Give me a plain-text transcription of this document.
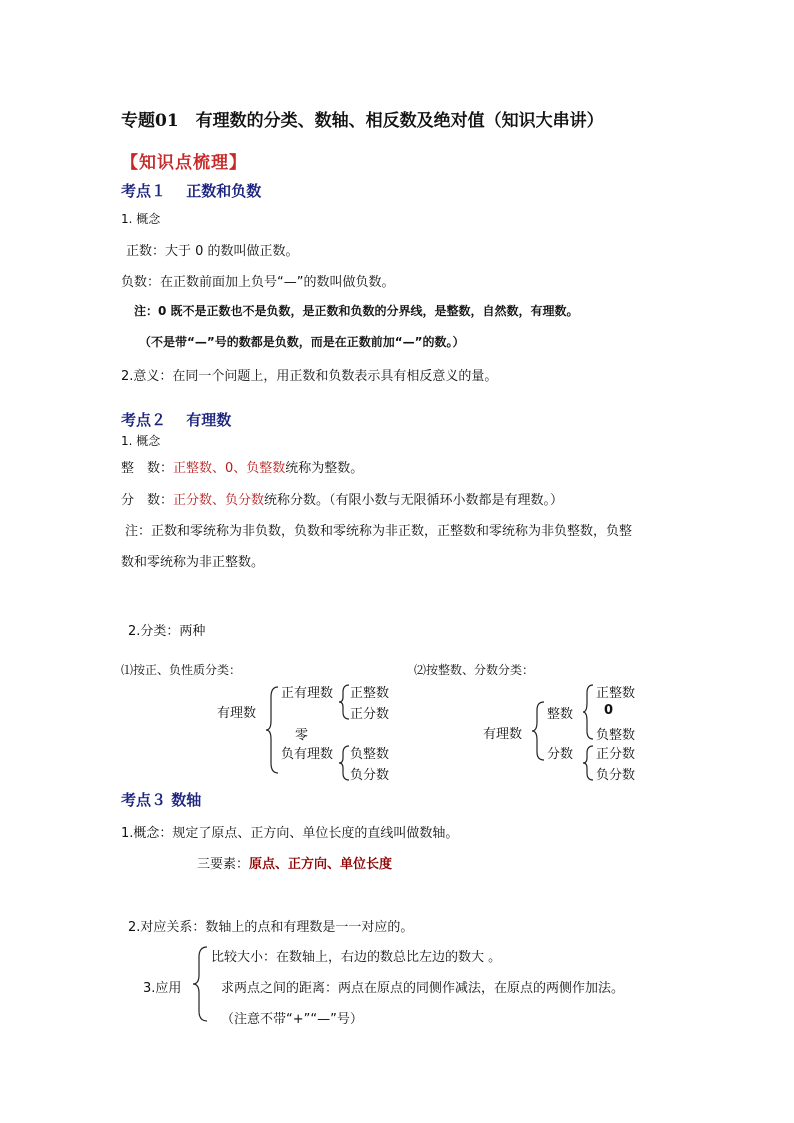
专题01　有理数的分类、数轴、相反数及绝对值（知识大串讲）
【知识点梳理】
考点１　 正数和负数
1. 概念
正数：大于 0 的数叫做正数。
负数：在正数前面加上负号“—”的数叫做负数。
注：0 既不是正数也不是负数，是正数和负数的分界线，是整数，自然数，有理数。
（不是带“—”号的数都是负数，而是在正数前加“—”的数。）
2.意义：在同一个问题上，用正数和负数表示具有相反意义的量。
考点２　 有理数
1. 概念
整　数：正整数、0、负整数统称为整数。
分　数：正分数、负分数统称分数。（有限小数与无限循环小数都是有理数。）
注：正数和零统称为非负数，负数和零统称为非正数，正整数和零统称为非负整数，负整
数和零统称为非正整数。
2.分类：两种
⑴按正、负性质分类：
有理数
正有理数 正整数
正分数
零
负有理数 负整数
负分数
⑵按整数、分数分类：
有理数
整数
正整数
0
负整数
分数 正分数
负分数
考点３ 数轴
1.概念：规定了原点、正方向、单位长度的直线叫做数轴。
三要素：原点、正方向、单位长度
2.对应关系：数轴上的点和有理数是一一对应的。
3.应用
比较大小：在数轴上，右边的数总比左边的数大 。
求两点之间的距离：两点在原点的同侧作减法，在原点的两侧作加法。
（注意不带“+”“—”号）
